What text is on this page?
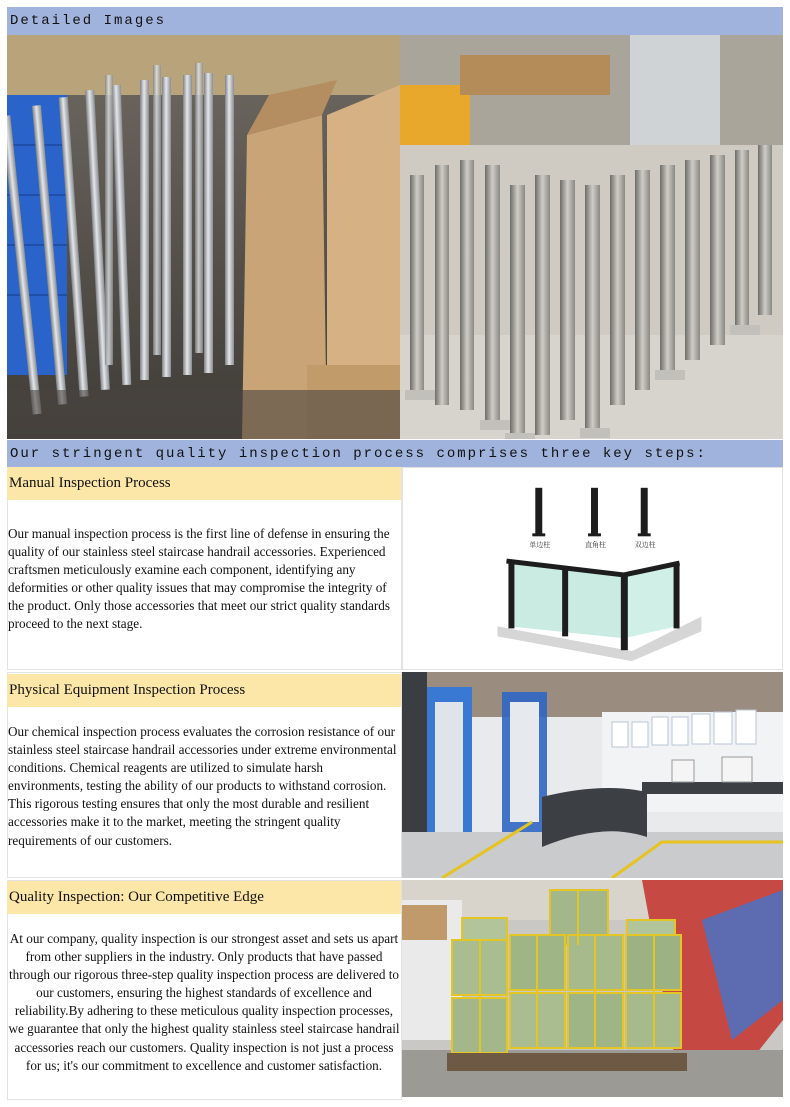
Detailed Images
Our stringent quality inspection process comprises three key steps:
Manual Inspection Process

Our manual inspection process is the first line of defense in ensuring the quality of our stainless steel staircase handrail accessories. Experienced craftsmen meticulously examine each component, identifying any deformities or other quality issues that may compromise the integrity of the product. Only those accessories that meet our strict quality standards proceed to the next stage.

单边柱	直角柱	双边柱
Physical Equipment Inspection Process

Our chemical inspection process evaluates the corrosion resistance of our stainless steel staircase handrail accessories under extreme environmental conditions. Chemical reagents are utilized to simulate harsh environments, testing the ability of our products to withstand corrosion. This rigorous testing ensures that only the most durable and resilient accessories make it to the market, meeting the stringent quality requirements of our customers.

Quality Inspection: Our Competitive Edge

At our company, quality inspection is our strongest asset and sets us apart from other suppliers in the industry. Only products that have passed through our rigorous three-step quality inspection process are delivered to our customers, ensuring the highest standards of excellence and reliability.By adhering to these meticulous quality inspection processes, we guarantee that only the highest quality stainless steel staircase handrail accessories reach our customers. Quality inspection is not just a process for us; it's our commitment to excellence and customer satisfaction.
